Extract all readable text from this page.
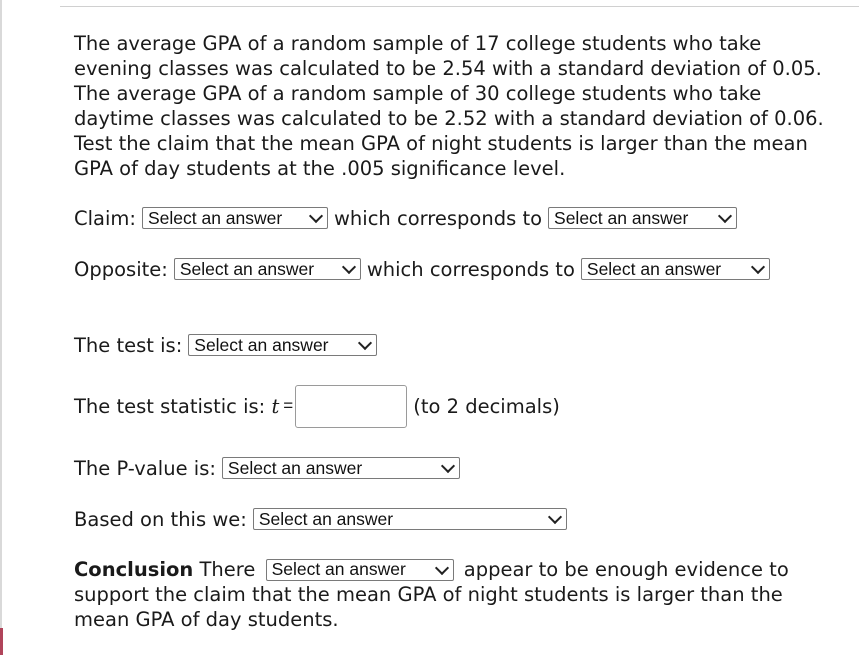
The average GPA of a random sample of 17 college students who take evening classes was calculated to be 2.54 with a standard deviation of 0.05. The average GPA of a random sample of 30 college students who take daytime classes was calculated to be 2.52 with a standard deviation of 0.06. Test the claim that the mean GPA of night students is larger than the mean GPA of day students at the .005 significance level.

Claim: Select an answer	which corresponds to Select an answer
Opposite: Select an answer	which corresponds to Select an answer
The test is: Select an answer
The test statistic is:
t =	(to 2 decimals)
The P-value is: Select an answer
Based on this we: Select an answer
Conclusion There Select an answer	appear to be enough evidence to support the claim that the mean GPA of night students is larger than the mean GPA of day students.
